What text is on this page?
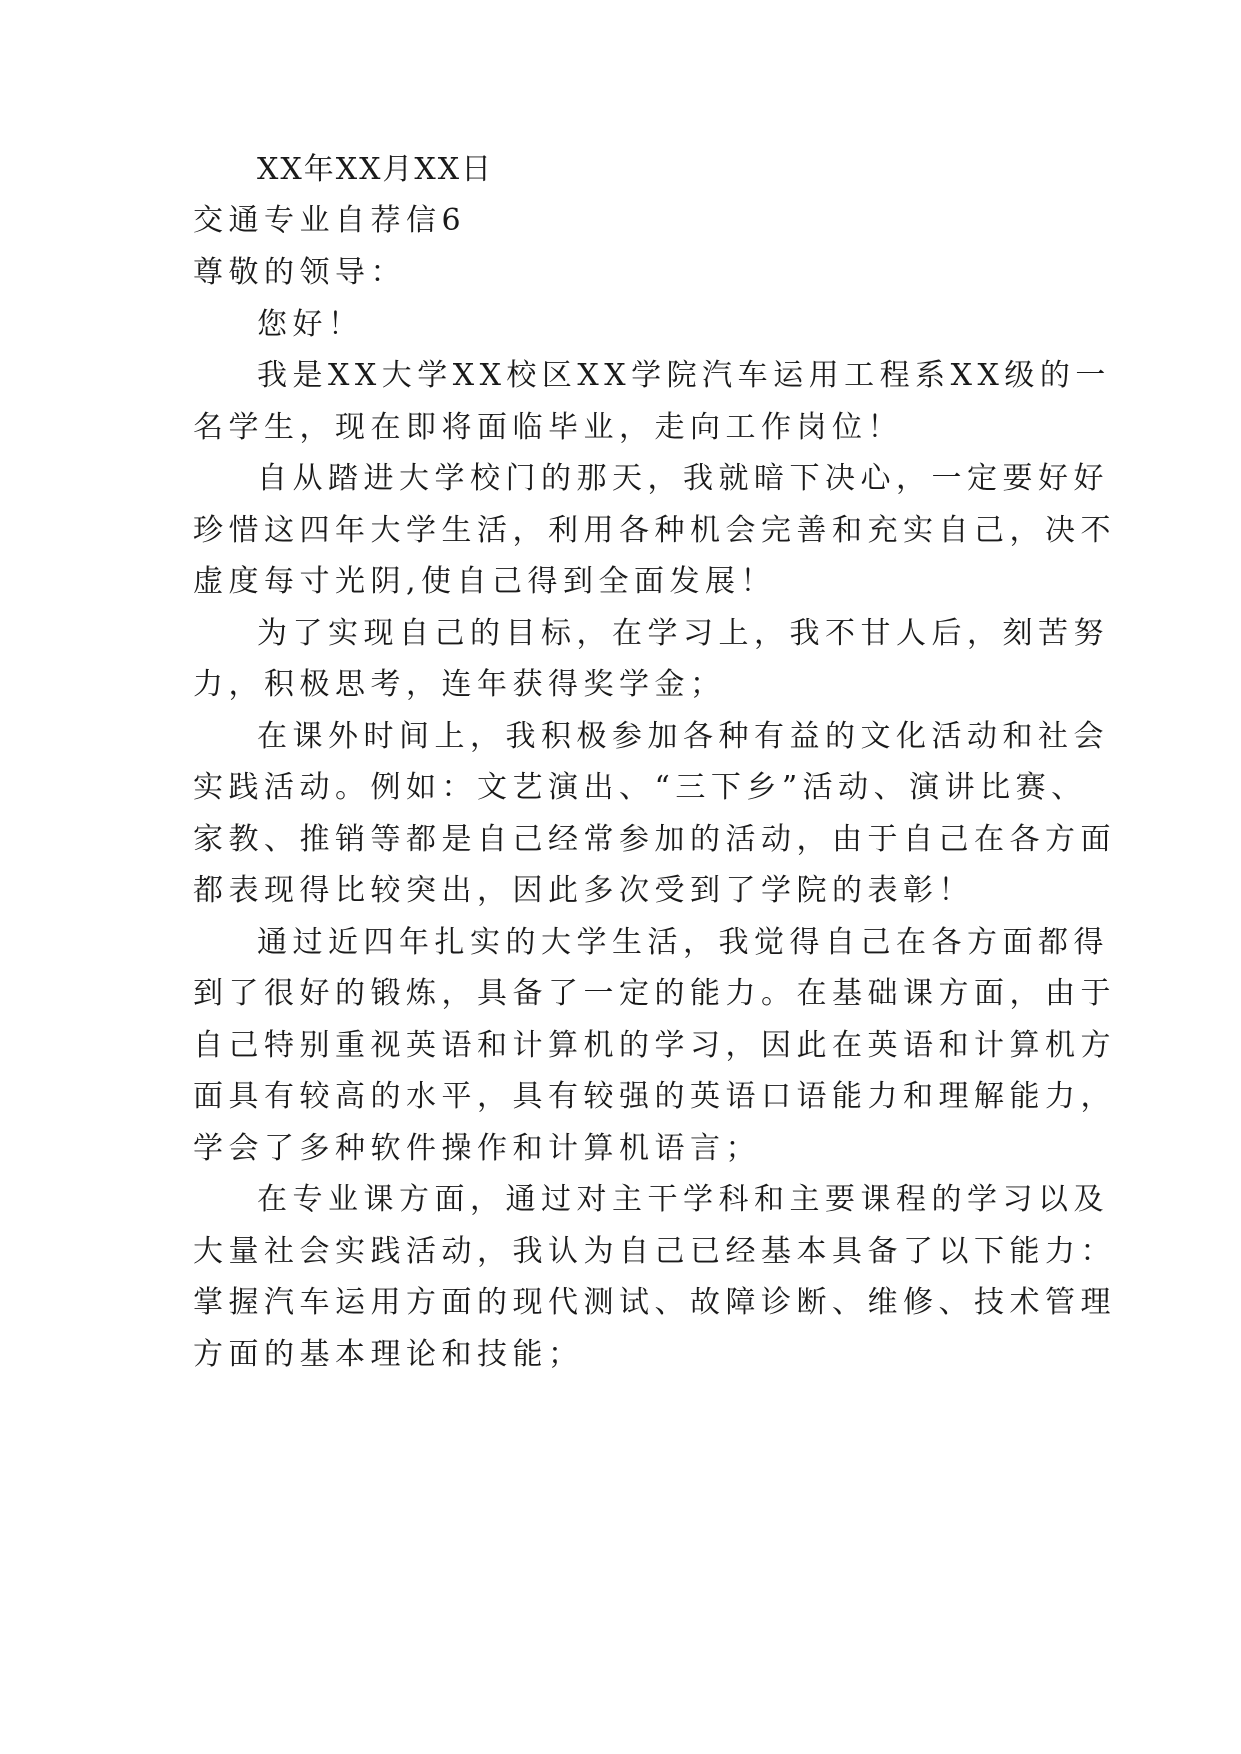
XX年XX月XX日

交通专业自荐信6

尊敬的领导：

您好！

我是XX大学XX校区XX学院汽车运用工程系XX级的一

名学生，现在即将面临毕业，走向工作岗位！

自从踏进大学校门的那天，我就暗下决心，一定要好好

珍惜这四年大学生活，利用各种机会完善和充实自己，决不

虚度每寸光阴,使自己得到全面发展！

为了实现自己的目标，在学习上，我不甘人后，刻苦努

力，积极思考，连年获得奖学金；

在课外时间上，我积极参加各种有益的文化活动和社会

实践活动。例如：文艺演出、“三下乡”活动、演讲比赛、

家教、推销等都是自己经常参加的活动，由于自己在各方面

都表现得比较突出，因此多次受到了学院的表彰！

通过近四年扎实的大学生活，我觉得自己在各方面都得

到了很好的锻炼，具备了一定的能力。在基础课方面，由于

自己特别重视英语和计算机的学习，因此在英语和计算机方

面具有较高的水平，具有较强的英语口语能力和理解能力，

学会了多种软件操作和计算机语言；

在专业课方面，通过对主干学科和主要课程的学习以及

大量社会实践活动，我认为自己已经基本具备了以下能力：

掌握汽车运用方面的现代测试、故障诊断、维修、技术管理

方面的基本理论和技能；
